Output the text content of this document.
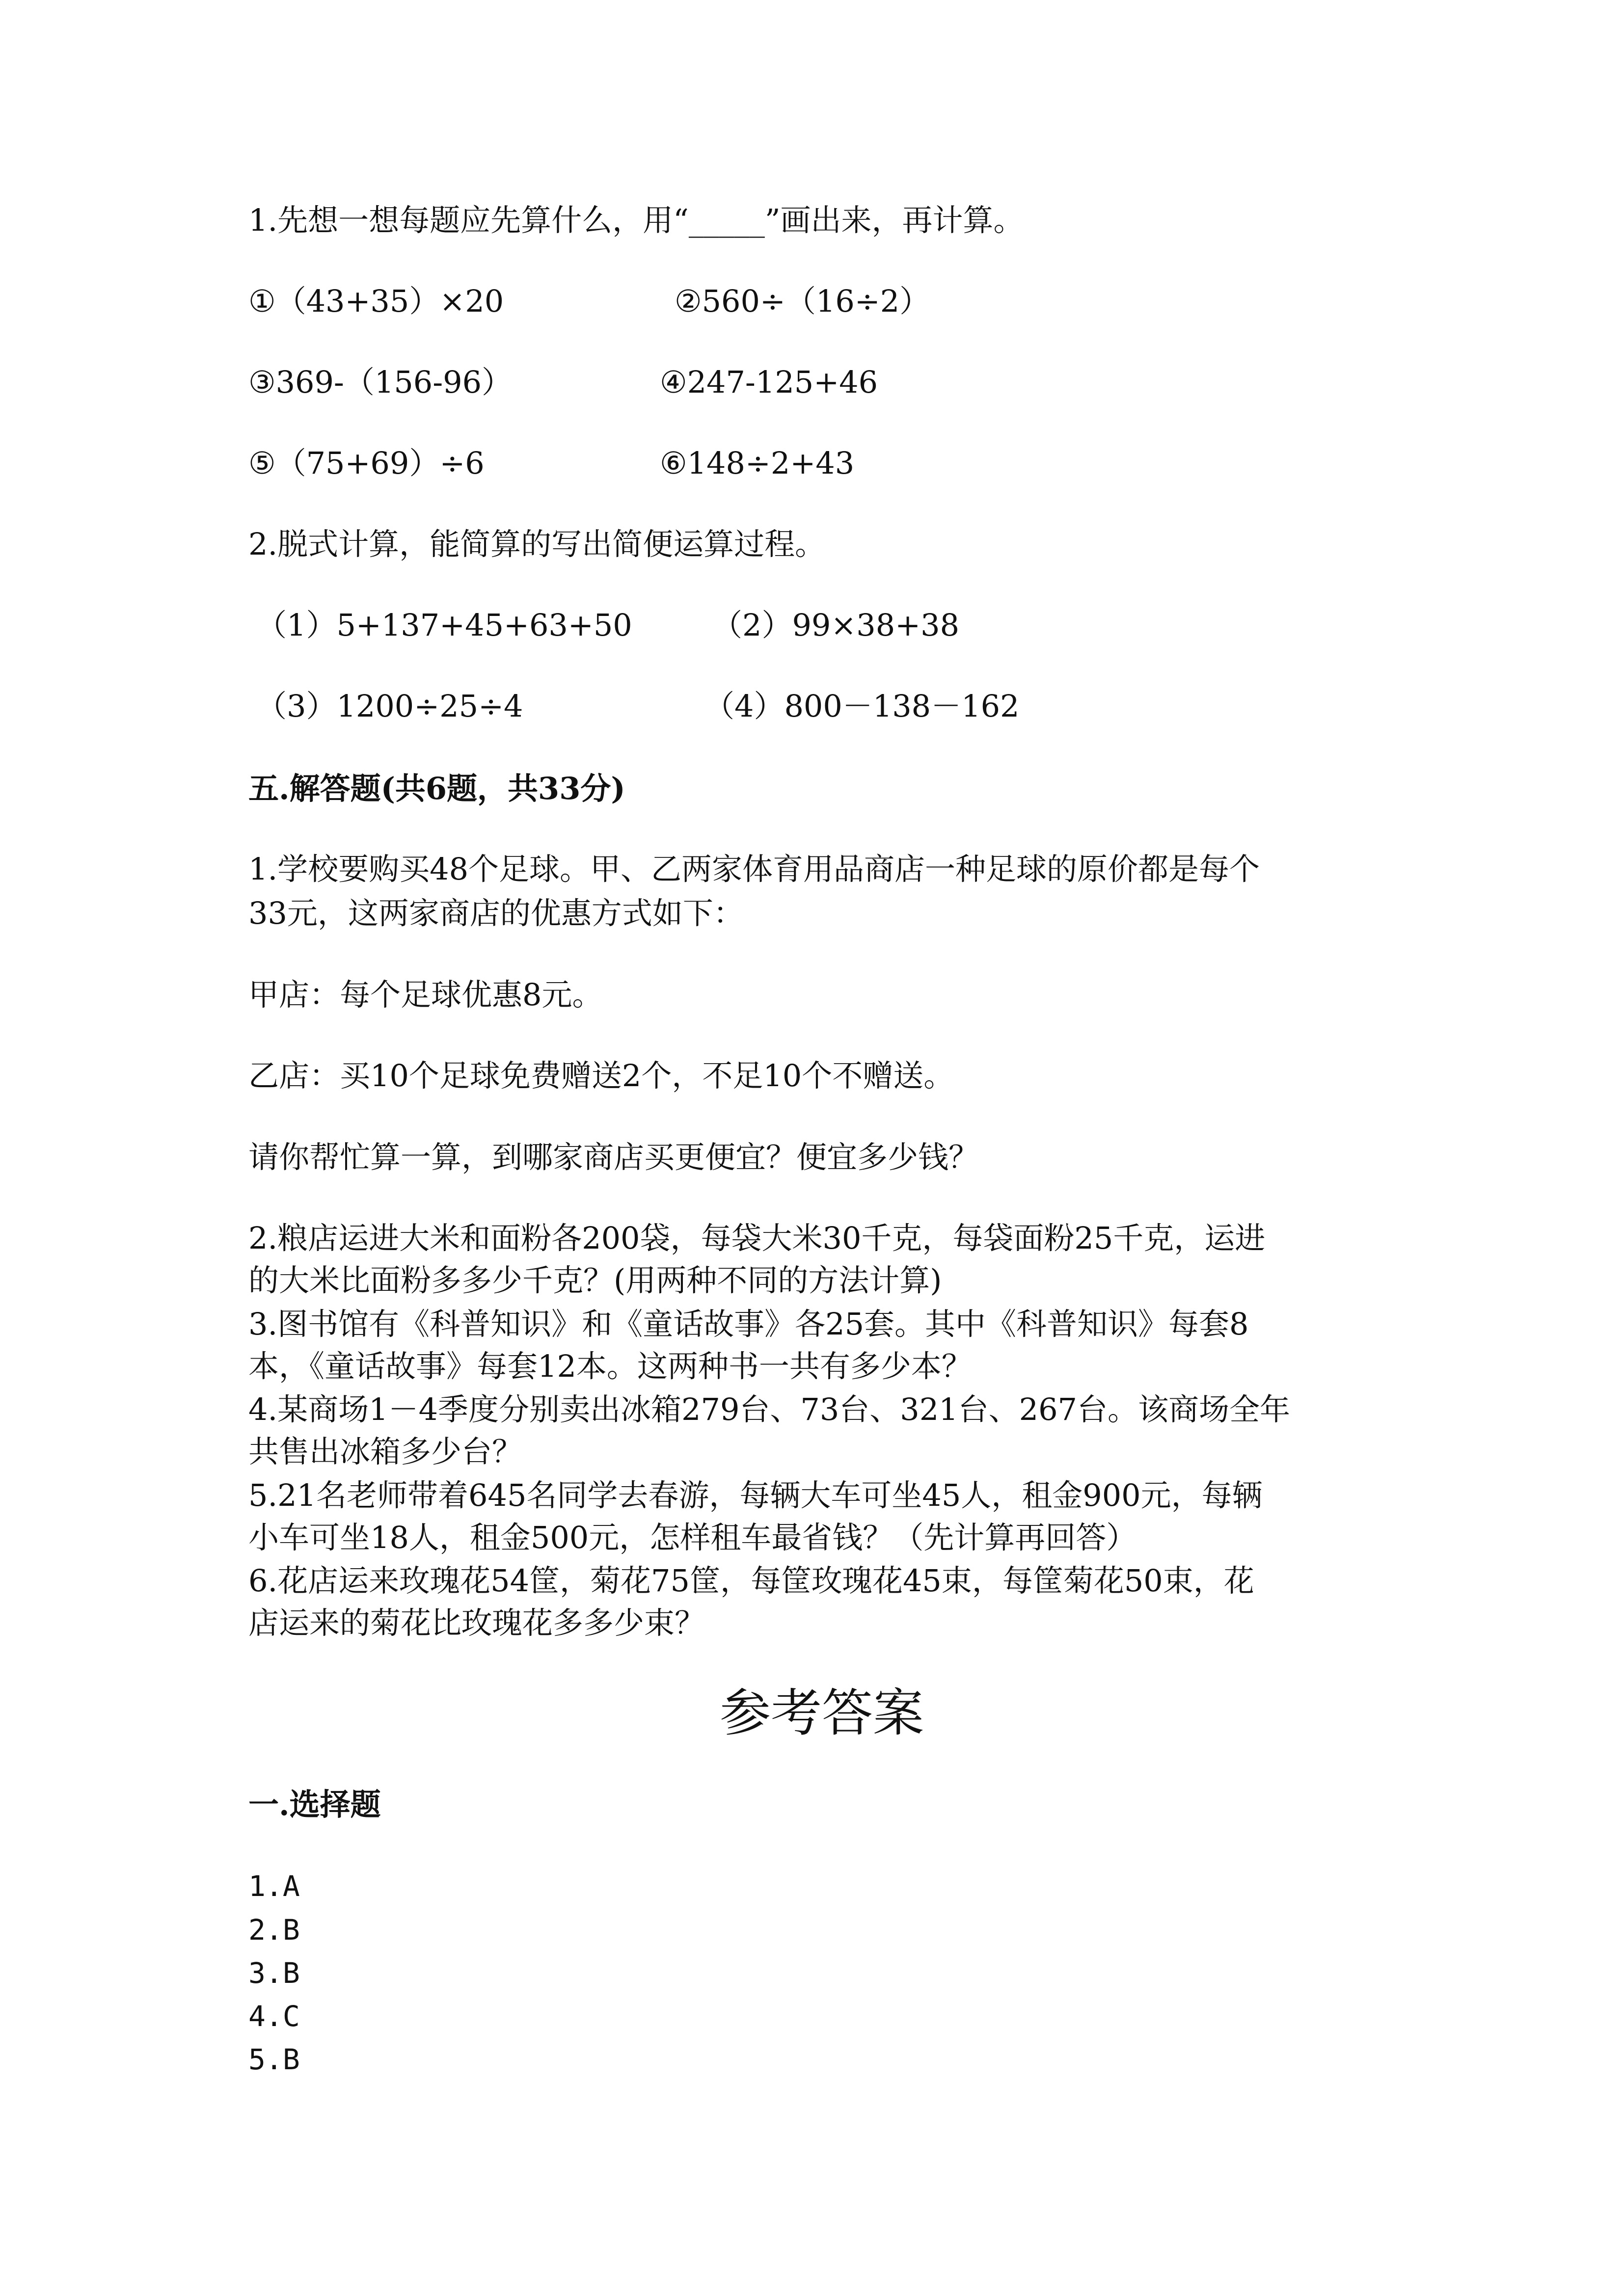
1.先想一想每题应先算什么，用“_____”画出来，再计算。
①（43+35）×20	②560÷（16÷2）
③369-（156-96）	④247-125+46
⑤（75+69）÷6	⑥148÷2+43
2.脱式计算，能简算的写出简便运算过程。
（1）5+137+45+63+50	（2）99×38+38
（3）1200÷25÷4	（4）800－138－162
五.解答题(共6题，共33分)
1.学校要购买48个足球。甲、乙两家体育用品商店一种足球的原价都是每个
33元，这两家商店的优惠方式如下：
甲店：每个足球优惠8元。
乙店：买10个足球免费赠送2个，不足10个不赠送。
请你帮忙算一算，到哪家商店买更便宜？便宜多少钱？
2.粮店运进大米和面粉各200袋，每袋大米30千克，每袋面粉25千克，运进
的大米比面粉多多少千克？(用两种不同的方法计算)
3.图书馆有《科普知识》和《童话故事》各25套。其中《科普知识》每套8
本，《童话故事》每套12本。这两种书一共有多少本？
4.某商场1－4季度分别卖出冰箱279台、73台、321台、267台。该商场全年
共售出冰箱多少台？
5.21名老师带着645名同学去春游，每辆大车可坐45人，租金900元，每辆
小车可坐18人，租金500元，怎样租车最省钱？（先计算再回答）
6.花店运来玫瑰花54筐，菊花75筐，每筐玫瑰花45束，每筐菊花50束，花
店运来的菊花比玫瑰花多多少束？
参考答案
一.选择题
1.A
2.B
3.B
4.C
5.B
